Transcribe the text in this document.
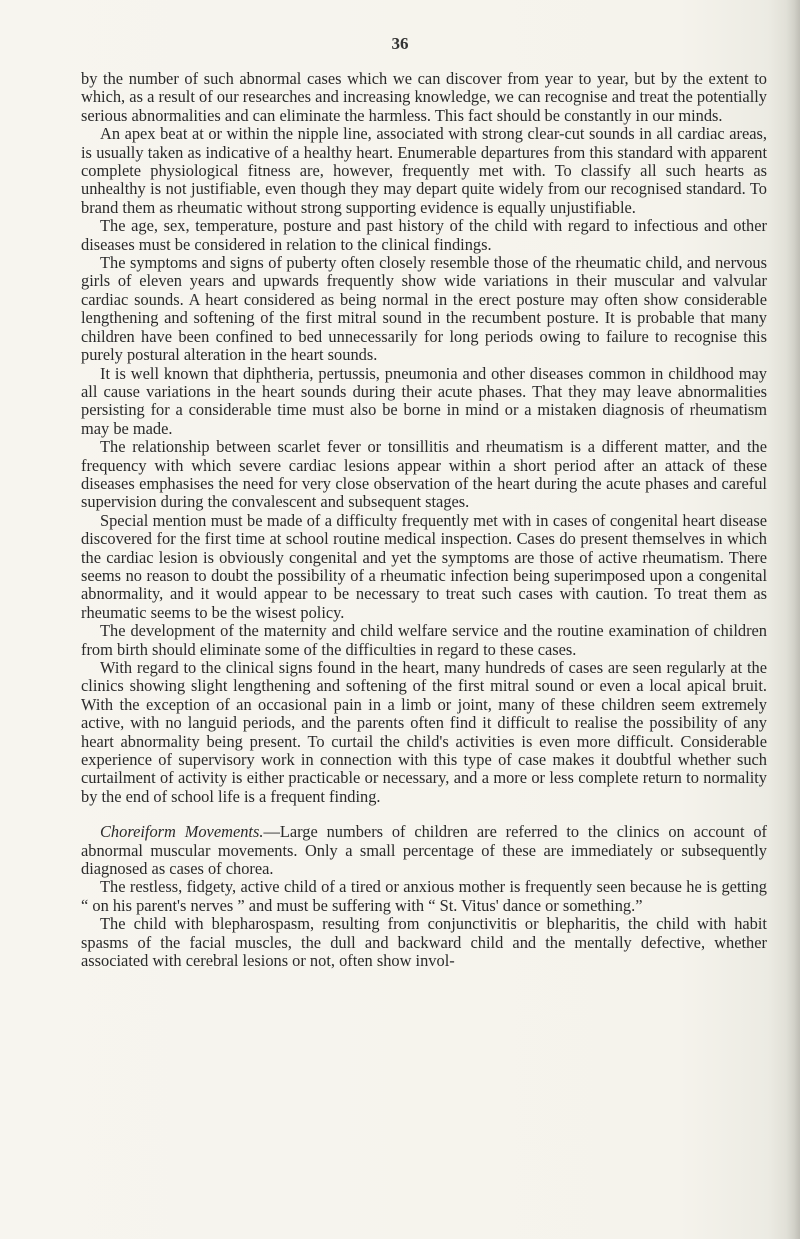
36

by the number of such abnormal cases which we can discover from year to year, but by the extent to which, as a result of our researches and increasing knowledge, we can recognise and treat the potentially serious abnormalities and can eliminate the harmless. This fact should be constantly in our minds.

An apex beat at or within the nipple line, associated with strong clear-cut sounds in all cardiac areas, is usually taken as indicative of a healthy heart. Enumerable departures from this standard with apparent complete physiological fitness are, however, frequently met with. To classify all such hearts as unhealthy is not justifiable, even though they may depart quite widely from our recognised standard. To brand them as rheumatic without strong supporting evidence is equally unjustifiable.

The age, sex, temperature, posture and past history of the child with regard to infectious and other diseases must be considered in relation to the clinical findings.

The symptoms and signs of puberty often closely resemble those of the rheumatic child, and nervous girls of eleven years and upwards frequently show wide variations in their muscular and valvular cardiac sounds. A heart considered as being normal in the erect posture may often show considerable lengthening and softening of the first mitral sound in the recumbent posture. It is probable that many children have been confined to bed unnecessarily for long periods owing to failure to recognise this purely postural alteration in the heart sounds.

It is well known that diphtheria, pertussis, pneumonia and other diseases common in childhood may all cause variations in the heart sounds during their acute phases. That they may leave abnormalities persisting for a considerable time must also be borne in mind or a mistaken diagnosis of rheumatism may be made.

The relationship between scarlet fever or tonsillitis and rheumatism is a different matter, and the frequency with which severe cardiac lesions appear within a short period after an attack of these diseases emphasises the need for very close observation of the heart during the acute phases and careful supervision during the convalescent and subsequent stages.

Special mention must be made of a difficulty frequently met with in cases of congenital heart disease discovered for the first time at school routine medical inspection. Cases do present themselves in which the cardiac lesion is obviously congenital and yet the symptoms are those of active rheumatism. There seems no reason to doubt the possibility of a rheumatic infection being superimposed upon a congenital abnormality, and it would appear to be necessary to treat such cases with caution. To treat them as rheumatic seems to be the wisest policy.

The development of the maternity and child welfare service and the routine examination of children from birth should eliminate some of the difficulties in regard to these cases.

With regard to the clinical signs found in the heart, many hundreds of cases are seen regularly at the clinics showing slight lengthening and softening of the first mitral sound or even a local apical bruit. With the exception of an occasional pain in a limb or joint, many of these children seem extremely active, with no languid periods, and the parents often find it difficult to realise the possibility of any heart abnormality being present. To curtail the child's activities is even more difficult. Considerable experience of supervisory work in connection with this type of case makes it doubtful whether such curtailment of activity is either practicable or necessary, and a more or less complete return to normality by the end of school life is a frequent finding.

Choreiform Movements.—Large numbers of children are referred to the clinics on account of abnormal muscular movements. Only a small percentage of these are immediately or subsequently diagnosed as cases of chorea.

The restless, fidgety, active child of a tired or anxious mother is frequently seen because he is getting “ on his parent's nerves ” and must be suffering with “ St. Vitus' dance or something.”

The child with blepharospasm, resulting from conjunctivitis or blepharitis, the child with habit spasms of the facial muscles, the dull and backward child and the mentally defective, whether associated with cerebral lesions or not, often show invol-
